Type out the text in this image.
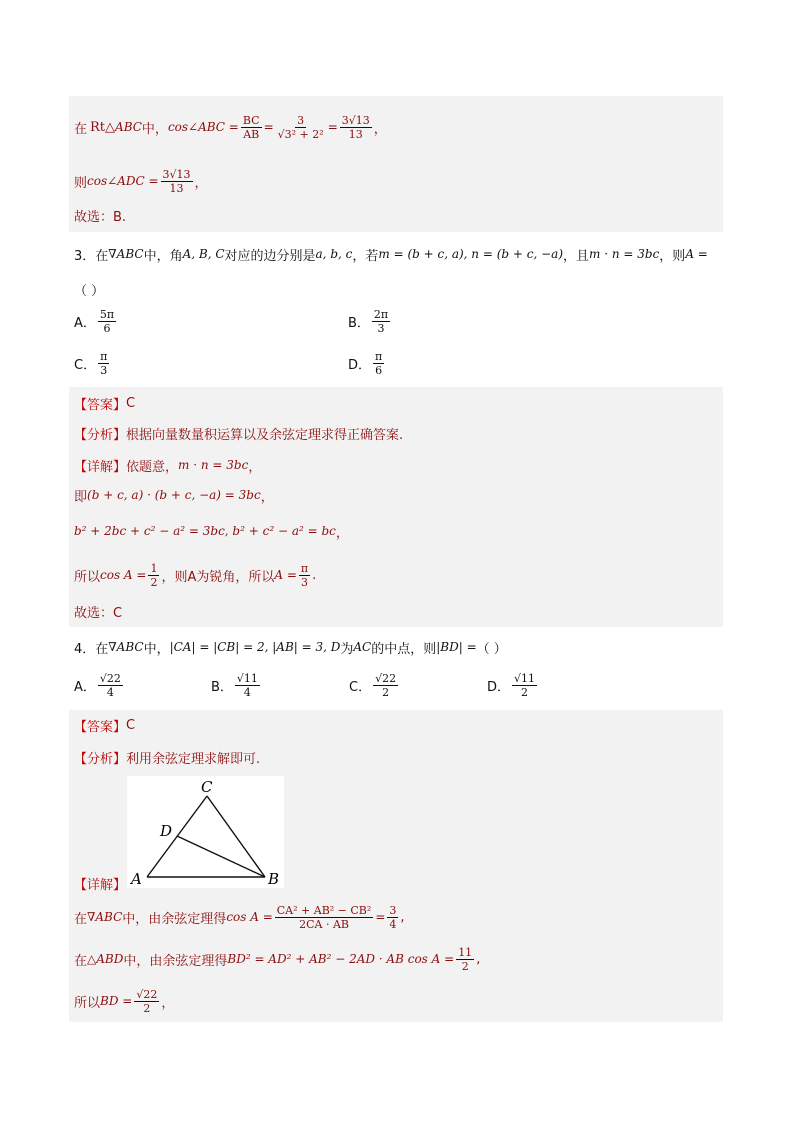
在 Rt△ ABC 中， cos∠ABC = $\frac{BC}{AB} = \frac{3}{\text{√3² + 2²}} = \frac{3√13}{13}$ ，
则 cos∠ADC = $\frac{3√13}{13}$ ，
故选：B.
3．在 ∇ABC 中，角 A, B, C 对应的边分别是 a, b, c ，若 m = (b + c, a), n = (b + c, −a) ，且 m · n = 3bc ，则 A =
（ ）
A． $\frac{5\pi}{6}$	B． $\frac{2\pi}{3}$
C． $\frac{\pi}{3}$	D． $\frac{\pi}{6}$
【答案】 C
【分析】 根据向量数量积运算以及余弦定理求得正确答案.
【详解】 依题意， m · n = 3bc ，
即 (b + c, a) · (b + c, −a) = 3bc ，
b² + 2bc + c² − a² = 3bc, b² + c² − a² = bc ，
所以 $\cos A = \frac{1}{2}$ ，则A为锐角，所以 $A = \frac{\pi}{3}$ .
故选：C
4．在 ∇ABC 中， |CA| = |CB| = 2, |AB| = 3, D 为 AC 的中点，则 |BD| = （ ）
A． $\frac{√22}{4}$	B． $\frac{√11}{4}$	C． $\frac{√22}{2}$	D． $\frac{√11}{2}$
【答案】 C
【分析】 利用余弦定理求解即可.
C
D
A	B
【详解】
在 ∇ABC 中，由余弦定理得 $\cos A = \frac{\text{CA² + AB² − CB²}}{2CA \cdot AB} = \frac{3}{4}$ ,
在 △ABD 中，由余弦定理得 BD² = AD² + AB² − 2AD · AB $\cos A = \frac{11}{2}$ ,
所以 BD = $\frac{√22}{2}$ ，
